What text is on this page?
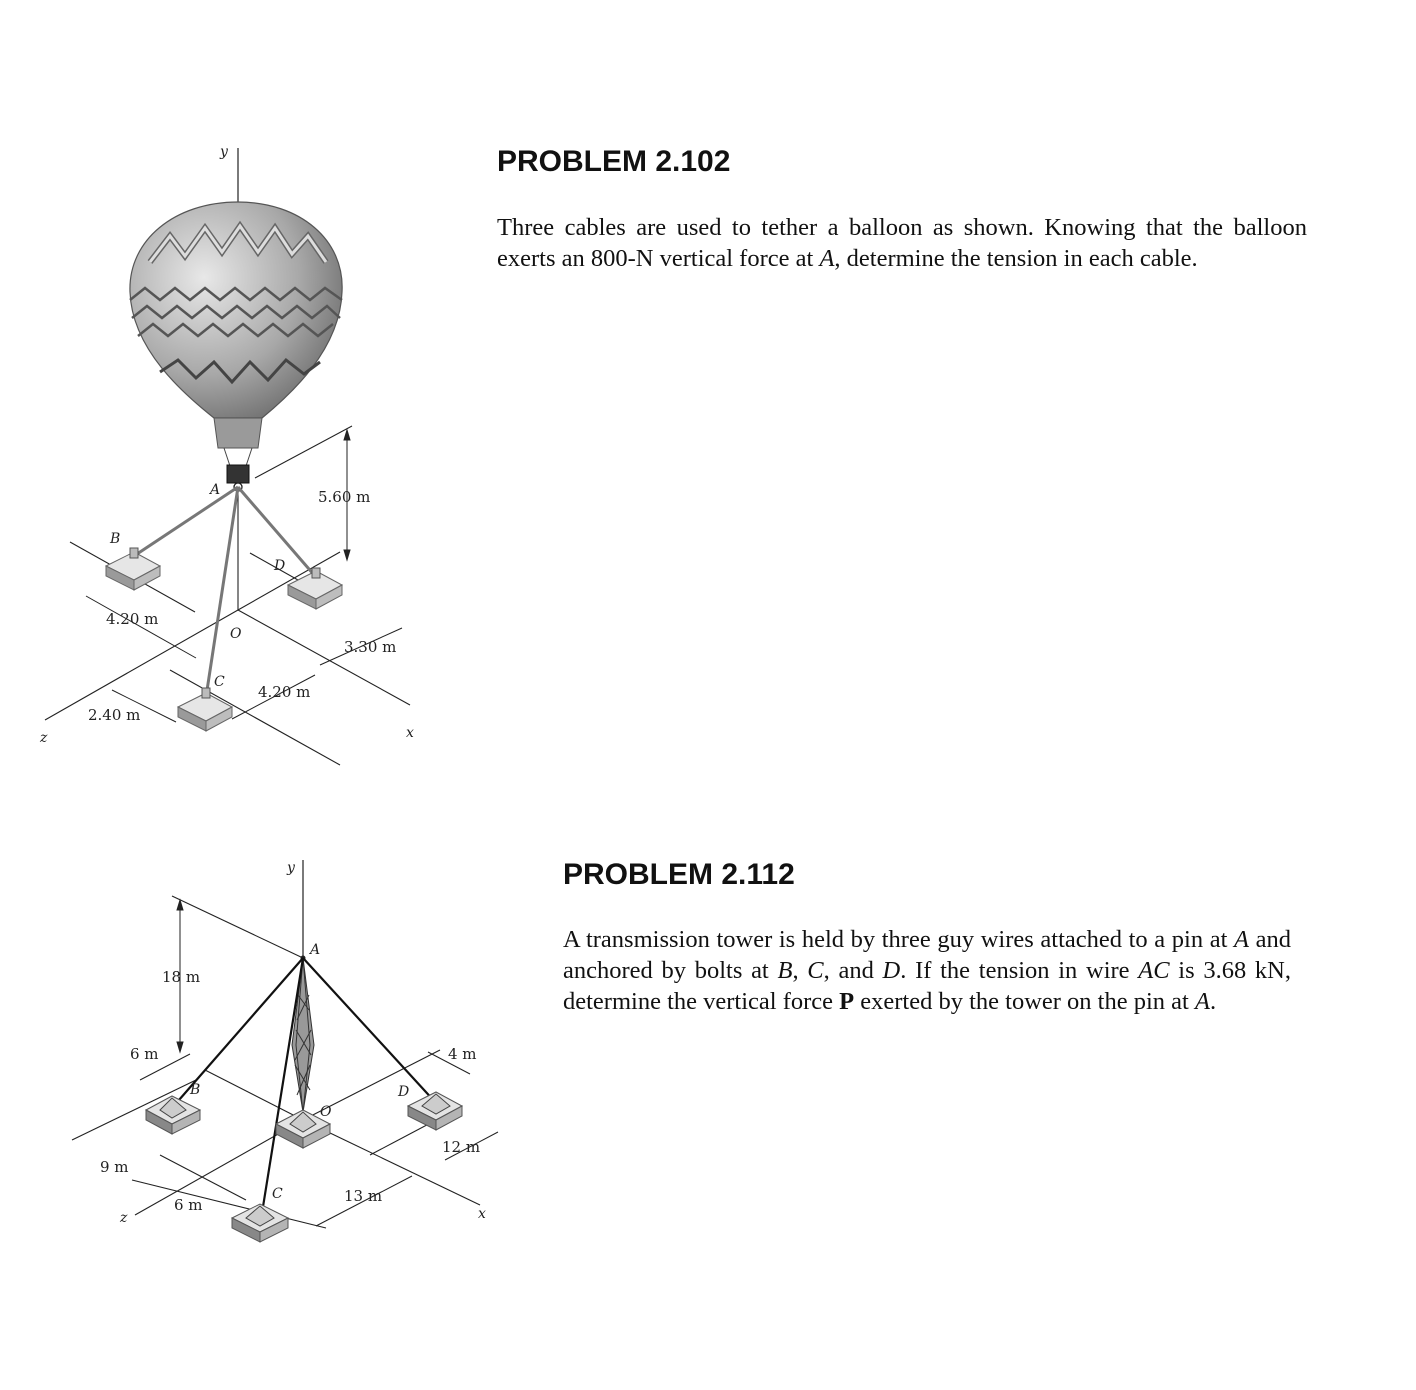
y
A
O
B
D
C
5.60 m
4.20 m
3.30 m
4.20 m
2.40 m
z	x
PROBLEM 2.102

Three cables are used to tether a balloon as shown. Knowing that the balloon exerts an 800-N vertical force at A, determine the tension in each cable.

y
A
B
O
D
C
18 m
6 m	4 m
12 m
9 m
6 m	13 m
z	x
PROBLEM 2.112

A transmission tower is held by three guy wires attached to a pin at A and anchored by bolts at B, C, and D. If the tension in wire AC is 3.68 kN, determine the vertical force P exerted by the tower on the pin at A.
